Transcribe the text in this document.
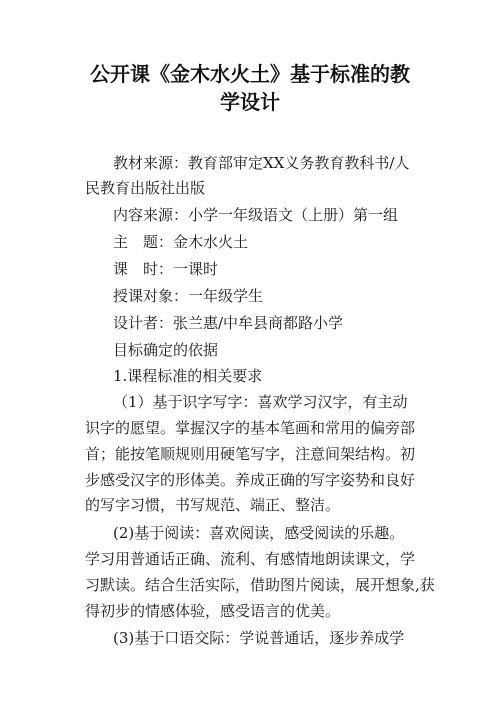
公开课《金木水火土》基于标准的教
学设计
教材来源：教育部审定XX义务教育教科书/人
民教育出版社出版
内容来源：小学一年级语文（上册）第一组
主　题：金木水火土
课　时：一课时
授课对象：一年级学生
设计者：张兰惠/中牟县商都路小学
目标确定的依据
1.课程标准的相关要求
（1）基于识字写字：喜欢学习汉字，有主动
识字的愿望。掌握汉字的基本笔画和常用的偏旁部
首；能按笔顺规则用硬笔写字，注意间架结构。初
步感受汉字的形体美。养成正确的写字姿势和良好
的写字习惯，书写规范、端正、整洁。
(2)基于阅读：喜欢阅读，感受阅读的乐趣。
学习用普通话正确、流利、有感情地朗读课文，学
习默读。结合生活实际，借助图片阅读，展开想象,获
得初步的情感体验，感受语言的优美。
(3)基于口语交际：学说普通话，逐步养成学
